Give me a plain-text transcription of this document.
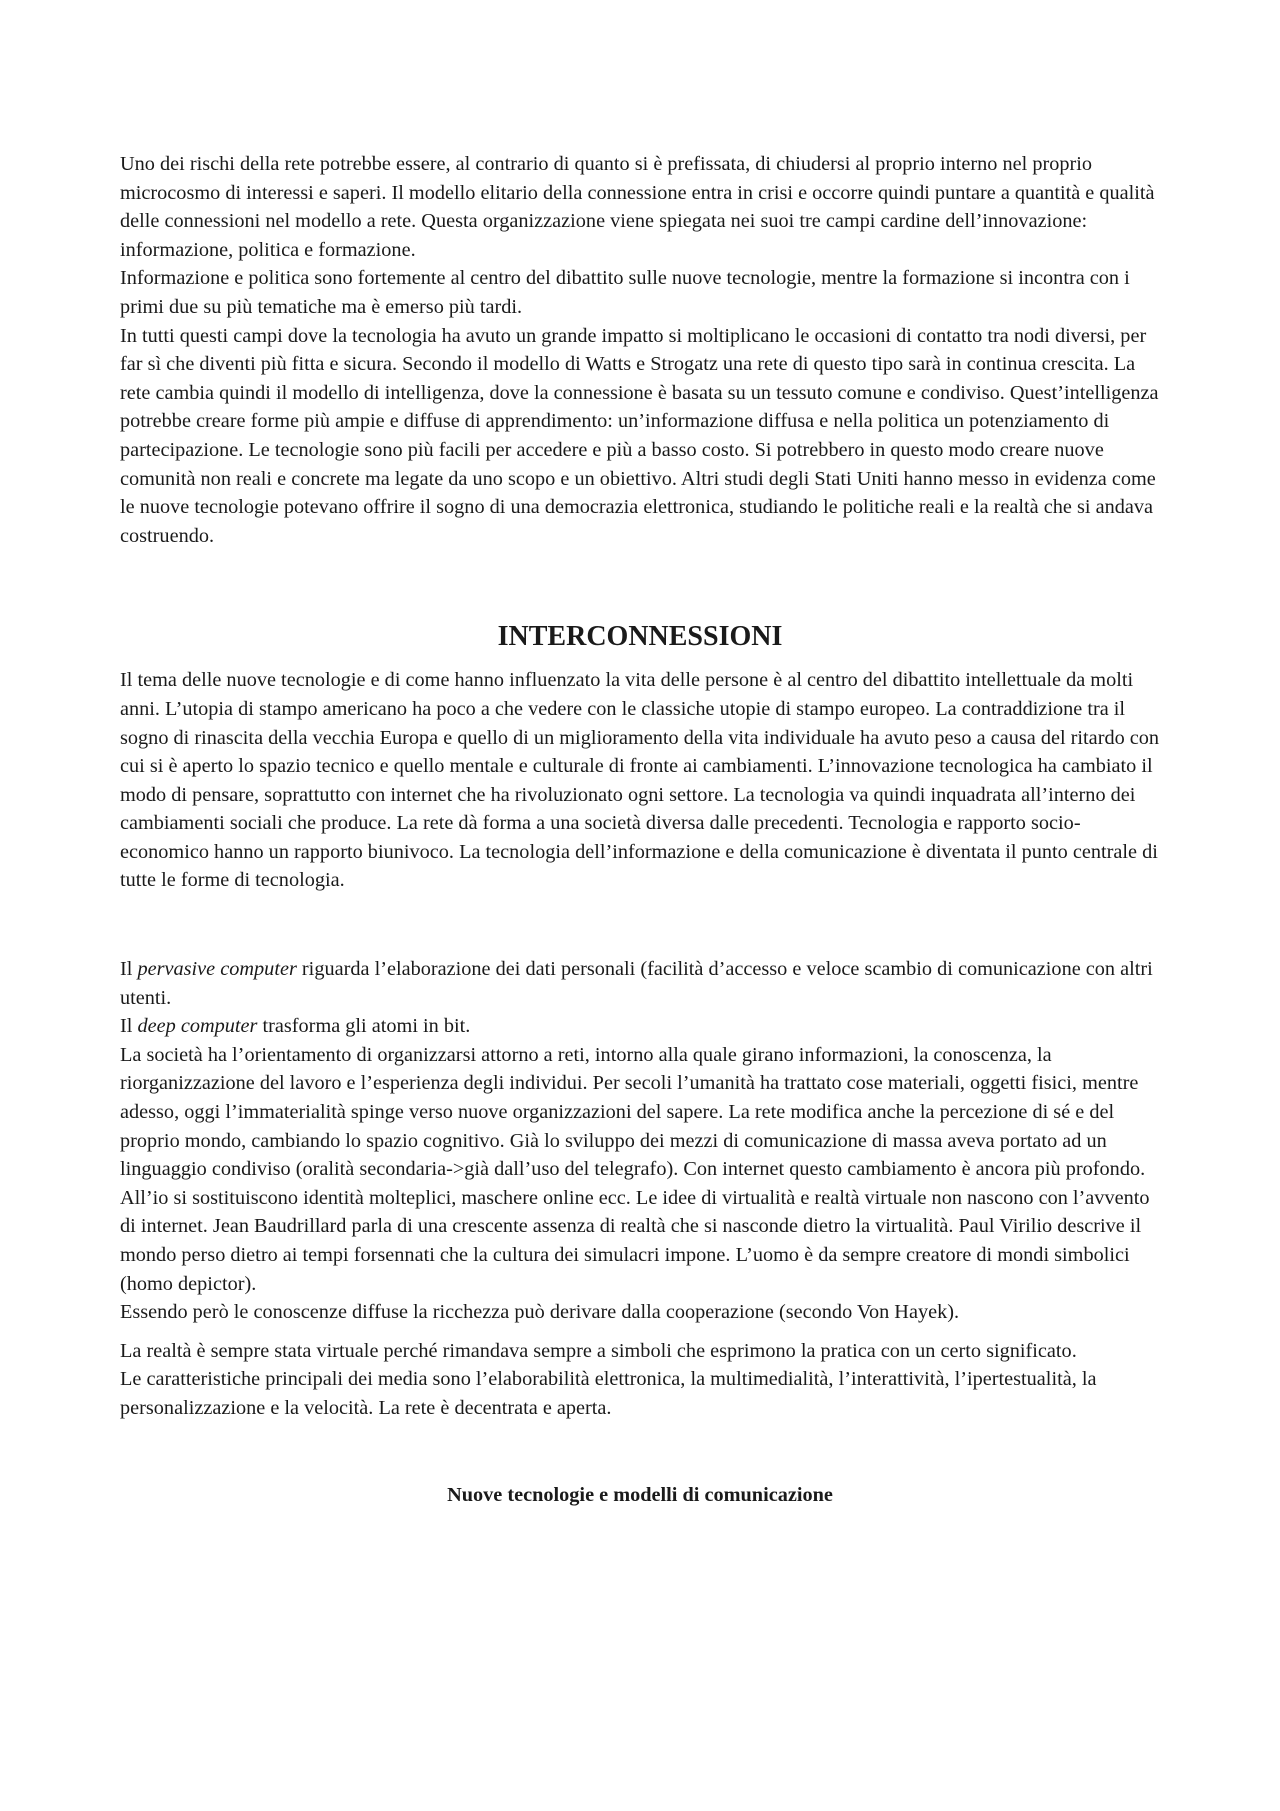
Uno dei rischi della rete potrebbe essere, al contrario di quanto si è prefissata, di chiudersi al proprio interno nel proprio microcosmo di interessi e saperi. Il modello elitario della connessione entra in crisi e occorre quindi puntare a quantità e qualità delle connessioni nel modello a rete. Questa organizzazione viene spiegata nei suoi tre campi cardine dell’innovazione: informazione, politica e formazione.

Informazione e politica sono fortemente al centro del dibattito sulle nuove tecnologie, mentre la formazione si incontra con i primi due su più tematiche ma è emerso più tardi.

In tutti questi campi dove la tecnologia ha avuto un grande impatto si moltiplicano le occasioni di contatto tra nodi diversi, per far sì che diventi più fitta e sicura. Secondo il modello di Watts e Strogatz una rete di questo tipo sarà in continua crescita. La rete cambia quindi il modello di intelligenza, dove la connessione è basata su un tessuto comune e condiviso. Quest’intelligenza potrebbe creare forme più ampie e diffuse di apprendimento: un’informazione diffusa e nella politica un potenziamento di partecipazione. Le tecnologie sono più facili per accedere e più a basso costo. Si potrebbero in questo modo creare nuove comunità non reali e concrete ma legate da uno scopo e un obiettivo. Altri studi degli Stati Uniti hanno messo in evidenza come le nuove tecnologie potevano offrire il sogno di una democrazia elettronica, studiando le politiche reali e la realtà che si andava costruendo.

INTERCONNESSIONI

Il tema delle nuove tecnologie e di come hanno influenzato la vita delle persone è al centro del dibattito intellettuale da molti anni. L’utopia di stampo americano ha poco a che vedere con le classiche utopie di stampo europeo. La contraddizione tra il sogno di rinascita della vecchia Europa e quello di un miglioramento della vita individuale ha avuto peso a causa del ritardo con cui si è aperto lo spazio tecnico e quello mentale e culturale di fronte ai cambiamenti. L’innovazione tecnologica ha cambiato il modo di pensare, soprattutto con internet che ha rivoluzionato ogni settore. La tecnologia va quindi inquadrata all’interno dei cambiamenti sociali che produce. La rete dà forma a una società diversa dalle precedenti. Tecnologia e rapporto socio-economico hanno un rapporto biunivoco. La tecnologia dell’informazione e della comunicazione è diventata il punto centrale di tutte le forme di tecnologia.

Il pervasive computer riguarda l’elaborazione dei dati personali (facilità d’accesso e veloce scambio di comunicazione con altri utenti.

Il deep computer trasforma gli atomi in bit.

La società ha l’orientamento di organizzarsi attorno a reti, intorno alla quale girano informazioni, la conoscenza, la riorganizzazione del lavoro e l’esperienza degli individui. Per secoli l’umanità ha trattato cose materiali, oggetti fisici, mentre adesso, oggi l’immaterialità spinge verso nuove organizzazioni del sapere. La rete modifica anche la percezione di sé e del proprio mondo, cambiando lo spazio cognitivo. Già lo sviluppo dei mezzi di comunicazione di massa aveva portato ad un linguaggio condiviso (oralità secondaria->già dall’uso del telegrafo). Con internet questo cambiamento è ancora più profondo. All’io si sostituiscono identità molteplici, maschere online ecc. Le idee di virtualità e realtà virtuale non nascono con l’avvento di internet. Jean Baudrillard parla di una crescente assenza di realtà che si nasconde dietro la virtualità. Paul Virilio descrive il mondo perso dietro ai tempi forsennati che la cultura dei simulacri impone. L’uomo è da sempre creatore di mondi simbolici (homo depictor).

Essendo però le conoscenze diffuse la ricchezza può derivare dalla cooperazione (secondo Von Hayek).

La realtà è sempre stata virtuale perché rimandava sempre a simboli che esprimono la pratica con un certo significato.

Le caratteristiche principali dei media sono l’elaborabilità elettronica, la multimedialità, l’interattività, l’ipertestualità, la personalizzazione e la velocità. La rete è decentrata e aperta.

Nuove tecnologie e modelli di comunicazione
